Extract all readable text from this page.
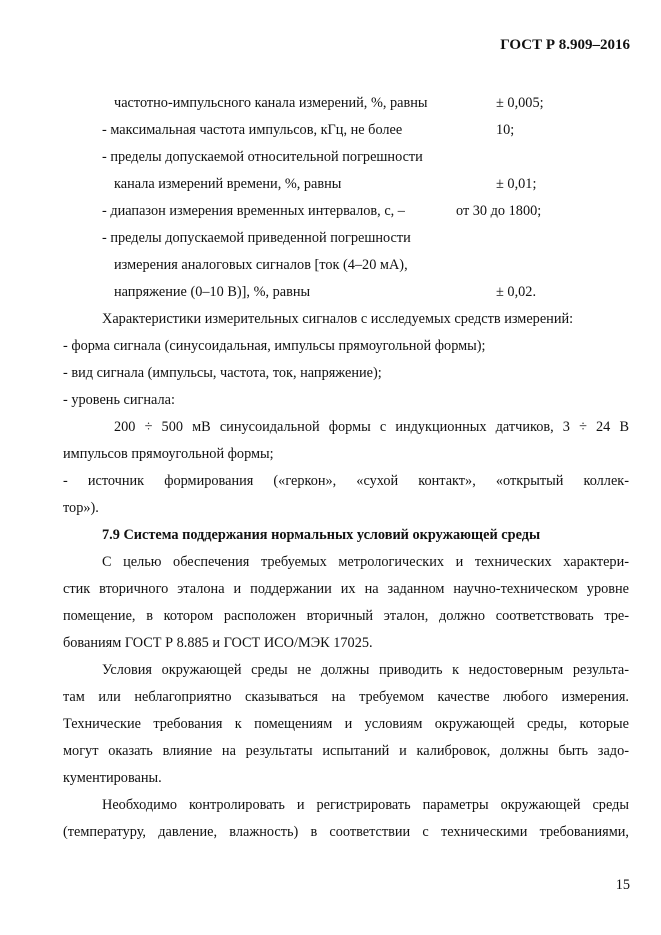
ГОСТ Р 8.909–2016
частотно-импульсного канала измерений, %, равны	± 0,005;
- максимальная частота импульсов, кГц, не более	10;
- пределы допускаемой относительной погрешности
канала измерений времени, %, равны	± 0,01;
- диапазон измерения временных интервалов, с, –	от 30 до 1800;
- пределы допускаемой приведенной погрешности
измерения аналоговых сигналов [ток (4–20 мА),
напряжение (0–10 В)], %, равны	± 0,02.
Характеристики измерительных сигналов с исследуемых средств измерений:
- форма сигнала (синусоидальная, импульсы прямоугольной формы);
- вид сигнала (импульсы, частота, ток, напряжение);
- уровень сигнала:
200 ÷ 500 мВ синусоидальной формы с индукционных датчиков, 3 ÷ 24 В
импульсов прямоугольной формы;
- источник формирования («геркон», «сухой контакт», «открытый коллек-
тор»).
7.9 Система поддержания нормальных условий окружающей среды
С целью обеспечения требуемых метрологических и технических характери-
стик вторичного эталона и поддержании их на заданном научно-техническом уровне
помещение, в котором расположен вторичный эталон, должно соответствовать тре-
бованиям ГОСТ Р 8.885 и ГОСТ ИСО/МЭК 17025.
Условия окружающей среды не должны приводить к недостоверным результа-
там или неблагоприятно сказываться на требуемом качестве любого измерения.
Технические требования к помещениям и условиям окружающей среды, которые
могут оказать влияние на результаты испытаний и калибровок, должны быть задо-
кументированы.
Необходимо контролировать и регистрировать параметры окружающей среды
(температуру, давление, влажность) в соответствии с техническими требованиями,
15
